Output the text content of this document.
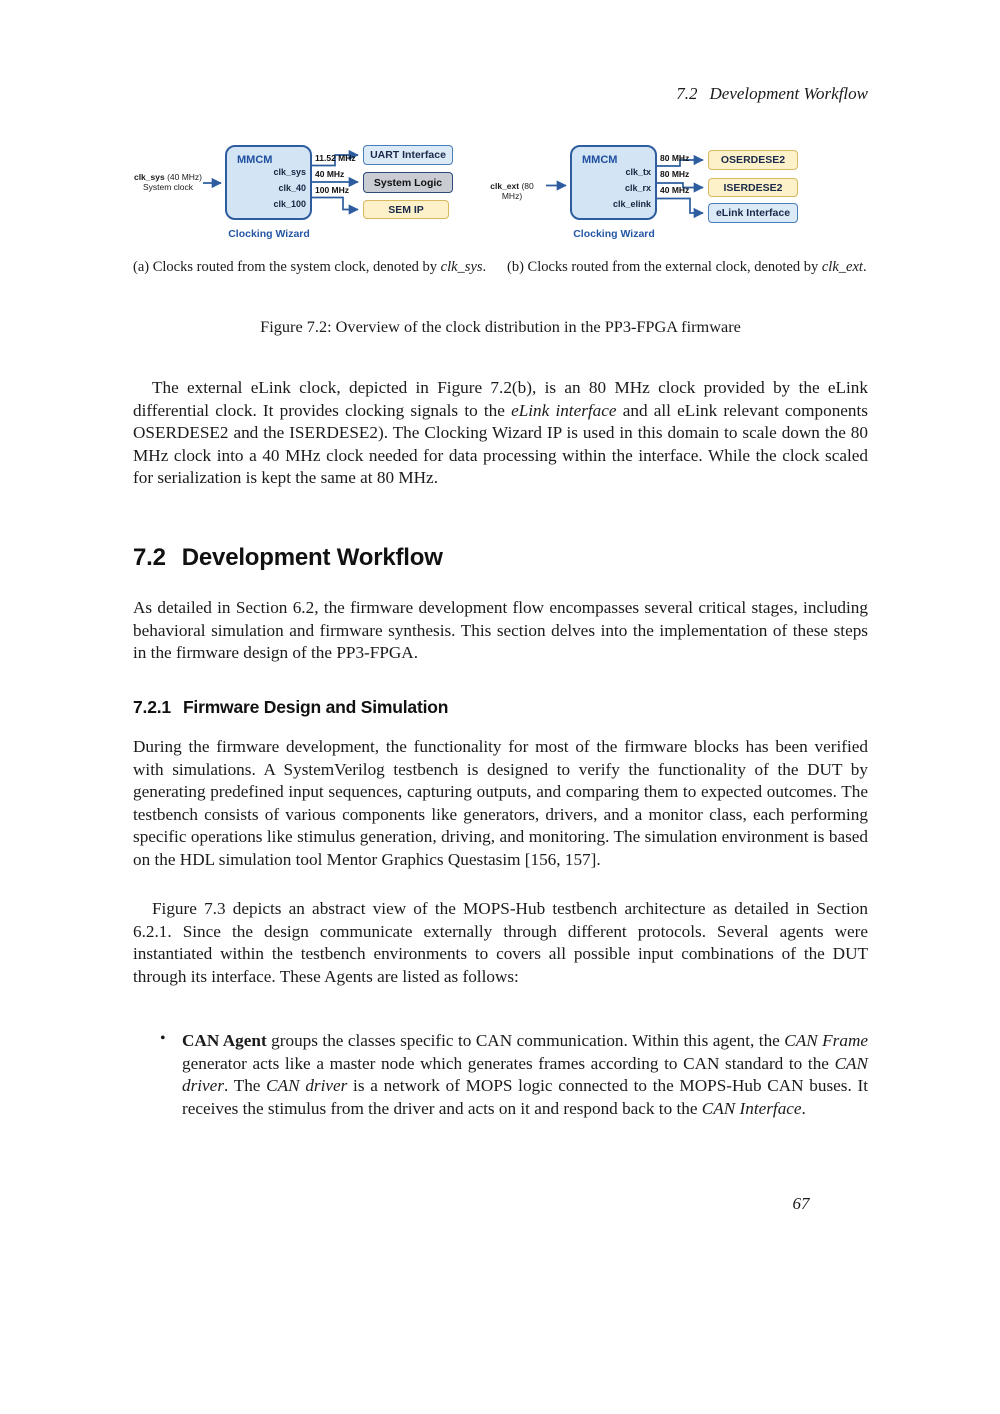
7.2 Development Workflow
clk_sys (40 MHz)
System clock
MMCM
clk_sys
clk_40
clk_100
11.52 MHz
40 MHz
100 MHz
UART Interface
System Logic
SEM IP
Clocking Wizard
clk_ext (80 MHz)
MMCM
clk_tx
clk_rx
clk_elink
80 MHz
80 MHz
40 MHz
OSERDESE2
ISERDESE2
eLink Interface
Clocking Wizard
(a) Clocks routed from the system clock, denoted by clk_sys.	(b) Clocks routed from the external clock, denoted by clk_ext.
Figure 7.2: Overview of the clock distribution in the PP3-FPGA firmware
The external eLink clock, depicted in Figure 7.2(b), is an 80 MHz clock provided by the eLink differential clock. It provides clocking signals to the eLink interface and all eLink relevant components OSERDESE2 and the ISERDESE2). The Clocking Wizard IP is used in this domain to scale down the 80 MHz clock into a 40 MHz clock needed for data processing within the interface. While the clock scaled for serialization is kept the same at 80 MHz.
7.2 Development Workflow
As detailed in Section 6.2, the firmware development flow encompasses several critical stages, including behavioral simulation and firmware synthesis. This section delves into the implementation of these steps in the firmware design of the PP3-FPGA.
7.2.1 Firmware Design and Simulation
During the firmware development, the functionality for most of the firmware blocks has been verified with simulations. A SystemVerilog testbench is designed to verify the functionality of the DUT by generating predefined input sequences, capturing outputs, and comparing them to expected outcomes. The testbench consists of various components like generators, drivers, and a monitor class, each performing specific operations like stimulus generation, driving, and monitoring. The simulation environment is based on the HDL simulation tool Mentor Graphics Questasim [156, 157].
Figure 7.3 depicts an abstract view of the MOPS-Hub testbench architecture as detailed in Section 6.2.1. Since the design communicate externally through different protocols. Several agents were instantiated within the testbench environments to covers all possible input combinations of the DUT through its interface. These Agents are listed as follows:
• CAN Agent groups the classes specific to CAN communication. Within this agent, the CAN Frame generator acts like a master node which generates frames according to CAN standard to the CAN driver. The CAN driver is a network of MOPS logic connected to the MOPS-Hub CAN buses. It receives the stimulus from the driver and acts on it and respond back to the CAN Interface.
67
